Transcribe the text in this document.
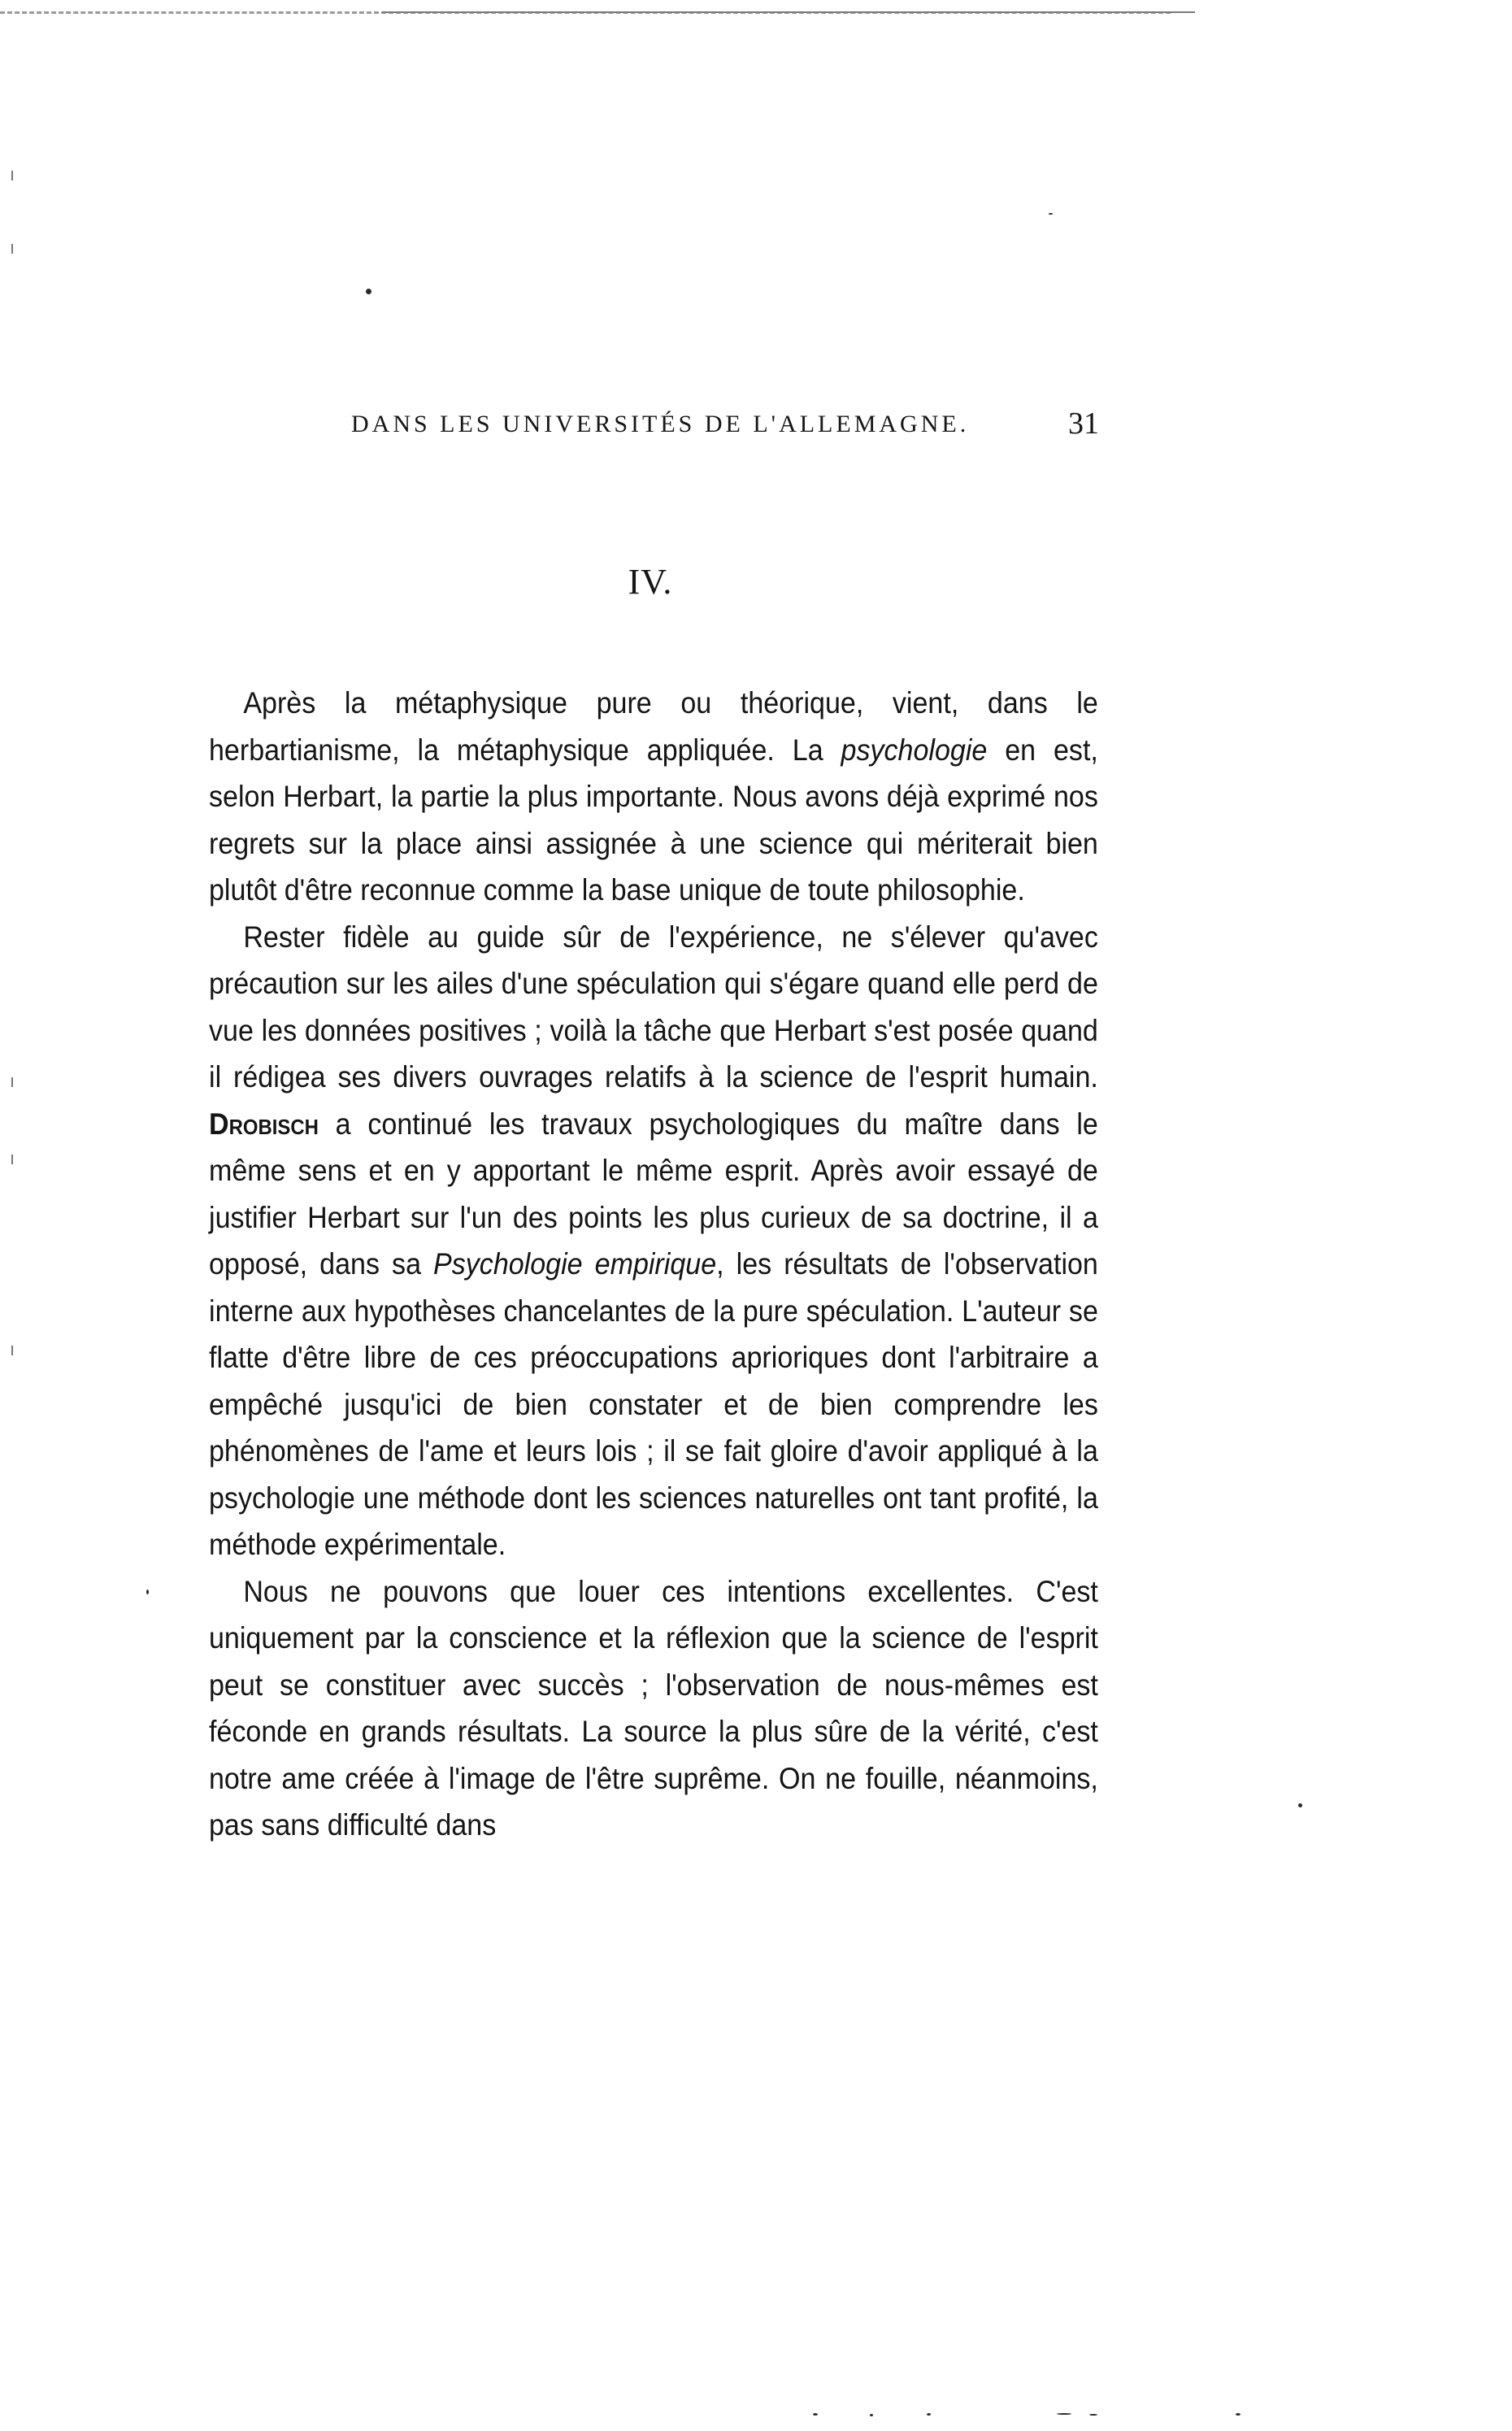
DANS LES UNIVERSITÉS DE L'ALLEMAGNE.	31
IV.

Après la métaphysique pure ou théorique, vient, dans le herbartianisme, la métaphysique appliquée. La psychologie en est, selon Herbart, la partie la plus importante. Nous avons déjà exprimé nos regrets sur la place ainsi assignée à une science qui mériterait bien plutôt d'être reconnue comme la base unique de toute philosophie.

Rester fidèle au guide sûr de l'expérience, ne s'élever qu'avec précaution sur les ailes d'une spéculation qui s'égare quand elle perd de vue les données positives ; voilà la tâche que Herbart s'est posée quand il rédigea ses divers ouvrages relatifs à la science de l'esprit humain. Drobisch a continué les travaux psychologiques du maître dans le même sens et en y apportant le même esprit. Après avoir essayé de justifier Herbart sur l'un des points les plus curieux de sa doctrine, il a opposé, dans sa Psychologie empirique, les résultats de l'observation interne aux hypothèses chancelantes de la pure spéculation. L'auteur se flatte d'être libre de ces préoccupations aprioriques dont l'arbitraire a empêché jusqu'ici de bien constater et de bien comprendre les phénomènes de l'ame et leurs lois ; il se fait gloire d'avoir appliqué à la psychologie une méthode dont les sciences naturelles ont tant profité, la méthode expérimentale.

Nous ne pouvons que louer ces intentions excellentes. C'est uniquement par la conscience et la réflexion que la science de l'esprit peut se constituer avec succès ; l'observation de nous-mêmes est féconde en grands résultats. La source la plus sûre de la vérité, c'est notre ame créée à l'image de l'être suprême. On ne fouille, néanmoins, pas sans difficulté dans
